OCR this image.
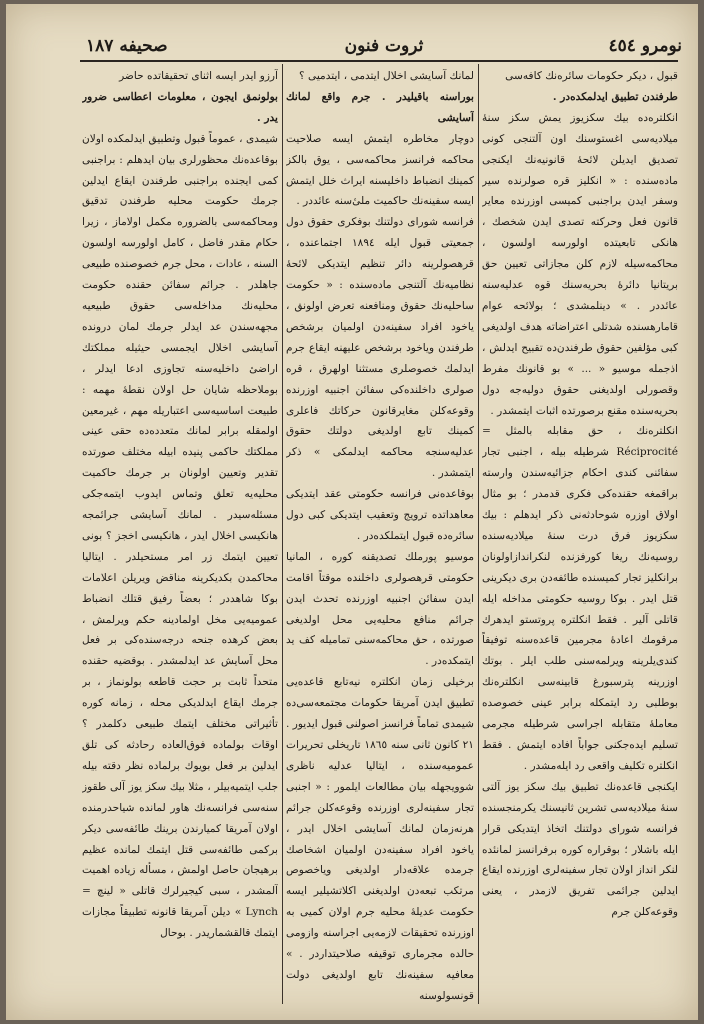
نومرو ٤٥٤
ثروت فنون
صحيفه ١٨٧

قبول ، ديكر حكومات سائره‌نك كافه‌سى

طرفندن تطبيق ايدلمكده‌در .

انكلتره‌ده بيك سكزيوز يمش سكز سنه‌ٔ ميلاديه‌سى اغستوسنك اون آلتنجى كونى تصديق ايديلن لائحهٔ قانونيه‌نك ايكنجى ماده‌سنده : « انكليز قره صولرنده سير وسفر ايدن براجنبى كميسى اوزرنده معاير قانون فعل وحركته تصدى ايدن شخصك ، هانكى تابعيتده اولورسه اولسون ، محاكمه‌سيله لازم كلن مجازاتى تعيين حق بريتانيا دائرهٔ بحريه‌سنك قوه عدليه‌سنه عائددر . » دينلمشدى ؛ بولائحه عوام قامارهسنده شدتلى اعتراضاته هدف اولديغى كبى مؤلفين حقوق طرفندن‌ده تقبيح ايدلش ، اذجمله موسيو « ... » بو قانونك مفرط وقصورلى اولديغنى حقوق دوليه‌جه دول بحريه‌سنده مقنع برصورتده اثبات ايتمشدر .

انكلتره‌نك ، حق مقابله بالمثل = Réciprocité شرطيله بيله ، اجنبى تجار سفائنى كندى احكام جزائيه‌سندن وارسته براقمغه حقنده‌كى فكرى قدمدر ؛ بو مثال اولاق اوزره شوحادثه‌نى ذكر ايدهلم : بيك سكزيوز فرق درت سنهٔ ميلاديه‌سنده روسيه‌نك ريغا كورفزنده لنكراندازاولونان برانكليز تجار كميسنده طائفه‌دن برى ديكرينى قتل ايدر . بوكا روسيه حكومتى مداخله ايله قاتلى آلير . فقط انكلتره پروتستو ايدهرك مرقومك اعادهٔ مجرمين قاعده‌سنه توفيقاً كندى‌يلرينه ويرلمه‌سنى طلب ايلر . بوتك اوزرينه‌ پترسبورغ قابينه‌سى انكلتره‌نك بوطلبى رد ايتمكله برابر عينى خصوصده معامله‌ٔ متقابله اجراسى شرطيله مجرمى تسليم ايده‌جكنى جواباً افاده ايتمش . فقط انكلتره تكليف واقعى رد ايله‌مشدر .

ايكنجى قاعده‌نك تطبيق بيك سكز يوز آلتى سنهٔ ميلاديه‌سى تشرين ثانيسنك يكرمنجسنده فرانسه شوراى دولتنك اتخاذ ايتديكى قرار ايله باشلار ؛ بوقراره كوره برفرانسز لمانئده لنكر انداز اولان تجار سفينه‌لرى اوزرنده ايقاع ايدلين جرائمى تفريق لازمدر ، يعنى وقوعه‌كلن جرم

لمانك آسايشى اخلال ايتدمى ، ايتدميى ؟

بوراسنه باقيليدر . جرم واقع لمانك آسايشى

دوچار مخاطره ايتمش ايسه صلاحيت محاكمه فرانسز محاكمه‌سى ، يوق بالكز كمينك انضباط داخليسنه ايراث خلل ايتمش ايسه سفينه‌نك حاكميت ملى‌ٔ‌سنه عائددر .

فرانسه شوراى دولتنك بوفكرى حقوق دول جمعيتى قبول ايله ١٨٩٤ اجتماعنده ، قرهصولرينه دائر تنظيم ايتديكى لائحهٔ نظاميه‌نك آلتنجى ماده‌سنده : « حكومت ساحليه‌نك حقوق ومنافعنه تعرض اولونق ، ياخود افراد سفينه‌دن اولميان برشخص طرفندن وياخود برشخص عليهنه ايقاع جرم ايدلمك خصوصلرى مستثنا اولهرق ، قره صولرى داخلنده‌كى سفائن اجنبيه اوزرنده وقوعه‌كلن مغايرقانون حركاتك فاعلرى كمينك تابع اولديغى دولتك حقوق عدليه‌سنجه محاكمه ايدلمكى » ذكر ايتمشدر .

بوقاعده‌نى فرانسه حكومتى عقد ايتديكى معاهداتده ترويج وتعقيب ايتديكى كبى دول سائره‌ده قبول ايتملكده‌در .

موسيو پورملك تصديقنه كوره ، المانيا حكومتى قرهصولرى داخلنده موقتاً اقامت ايدن سفائن اجنبيه اوزرنده تحدث ايدن جرائم منافع محليه‌يى محل اولديغى صورتده ، حق محاكمه‌سنى تماميله كف يد ايتمكده‌در .

برخيلى زمان انكلتره‌ نيه‌تابع قاعده‌يى تطبيق ايدن آمريقا حكومات مجتمعه‌سى‌ده شيمدى تماماً فرانسز اصولنى قبول ايديور .

٢١ كانون ثانى سنه ١٨٦٥ تاريخلى تحريرات عموميه‌سنده ، ايتاليا عدليه ناظرى شوويجهله بيان مطالعات ايلمور : « اجنبى تجار سفينه‌لرى اوزرنده وقوعه‌كلن جرائم هرنه‌زمان لمانك آسايشى اخلال ايدر ، ياخود افراد سفينه‌دن اولميان اشخاصك جرمده علاقه‌دار اولديغى وياخصوص مرتكب تبعه‌دن اولديغنى اكلاتشيلير ايسه حكومت عديله‌ٔ محليه جرم اولان كميى‌ به اوزرنده تحقيقات لازمه‌يى اجراسنه وازومى حالده مجرمارى توقيفه صلاحيتداردر . » معافيه سفينه‌نك تابع اولديغى دولت قونسولوسنه

آرزو ايدر ايسه اثناى تحقيقاتده حاضر

بولونمق ايجون ، معلومات اعطاسى ضرور يدر .

شيمدى ، عموماً قبول وتطبيق ايدلمكده اولان بوقاعده‌نك محظورلرى بيان ايدهلم : براجنبى كمى ايجنده براجنبى طرفندن ايقاع ايدلين جرمك حكومت محليه طرفندن تدقيق ومحاكمه‌سى بالضروره مكمل اولاماز ، زيرا حكام مقدر فاضل ، كامل اولورسه اولسون السنه ، عادات ، محل جرم خصوصنده طبيعى جاهلدر . جرائم سفائن حقنده حكومت محليه‌نك مداخله‌سى حقوق طبيعيه مجهه‌سندن عد ايدلر جرمك لمان درونده آسايشى اخلال ايجمسى حيثيله مملكتك اراضئ داخليه‌سنه تجاوزى ادعا ايدلر ، بوملاحظه شايان حل اولان نقطهٔ مهمه : طبيعت اساسيه‌سى اعتباريله مهم ، غيرمعين اولمقله برابر لمانك متعدده‌ده حقى عينى مملكتك حاكمى پنيده ابيله مختلف صورتده تقدير وتعيين اولونان بر جرمك حاكميت محليه‌يه تعلق وتماس ايدوب ايتمه‌جكى مسئله‌سيدر . لمانك آسايشى جرائمجه هانكيسى اخلال ايدر ، هانكيسى اخجز ؟ بونى تعيين ايتمك زر امر مستحيلدر . ايتاليا محاكمدن بكديكرينه مناقض ويريلن اعلامات بوكا شاهددر ؛ بعضاً رفيق قتلك انضباط عموميه‌يى مخل اولمادينه حكم ويرلمش ، بعض كرهده جنحه درجه‌سنده‌كى بر فعل محل آسايش عد ايدلمشدر . بوقضيه حقنده متحداً ثابت بر حجت قاطعه بولونماز ، بر جرمك ايقاع ايدلديكى محله ، زمانه كوره تأثيراتى مختلف ايتمك طبيعى دكلمدر ؟ اوقات بولماده فوق‌العاده رحادثه كى تلق ايدلين بر فعل بويوك برلماده نظر دقته بيله جلب ايتميه‌بيلر ، مثلا بيك سكز يوز آلى طقوز سنه‌سى فرانسه‌نك هاور لمانده شياحدرمنده اولان آمريقا كميارندن برينك طائفه‌سى ديكر بركمى طائفه‌سى قتل ايتمك لمانده عظيم برهيجان حاصل اولمش ، مسأله زياده اهميت آلمشدر ، سبى كيجيرلرك قاتلى « لينچ = Lynch » ديلن آمريقا قانونه تطبيقاً مجازات ايتمك قالقشماريدر . بوحال
